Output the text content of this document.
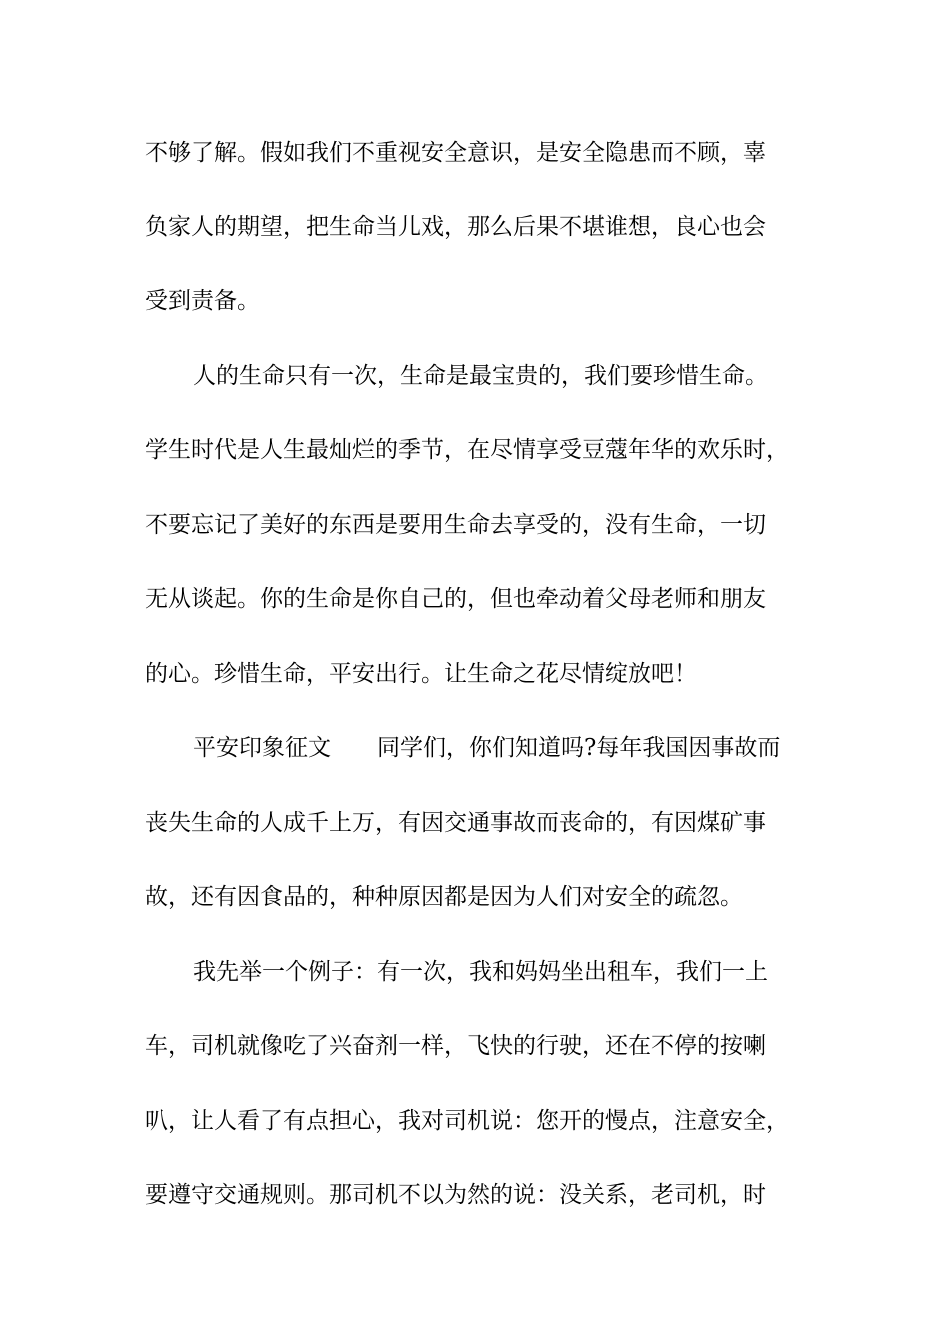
不够了解。假如我们不重视安全意识，是安全隐患而不顾，辜
负家人的期望，把生命当儿戏，那么后果不堪谁想，良心也会
受到责备。
人的生命只有一次，生命是最宝贵的，我们要珍惜生命。
学生时代是人生最灿烂的季节，在尽情享受豆蔻年华的欢乐时，
不要忘记了美好的东西是要用生命去享受的，没有生命，一切
无从谈起。你的生命是你自己的，但也牵动着父母老师和朋友
的心。珍惜生命，平安出行。让生命之花尽情绽放吧！
平安印象征文 同学们，你们知道吗?每年我国因事故而
丧失生命的人成千上万，有因交通事故而丧命的，有因煤矿事
故，还有因食品的，种种原因都是因为人们对安全的疏忽。
我先举一个例子：有一次，我和妈妈坐出租车，我们一上
车，司机就像吃了兴奋剂一样，飞快的行驶，还在不停的按喇
叭，让人看了有点担心，我对司机说：您开的慢点，注意安全，
要遵守交通规则。那司机不以为然的说：没关系，老司机，时
